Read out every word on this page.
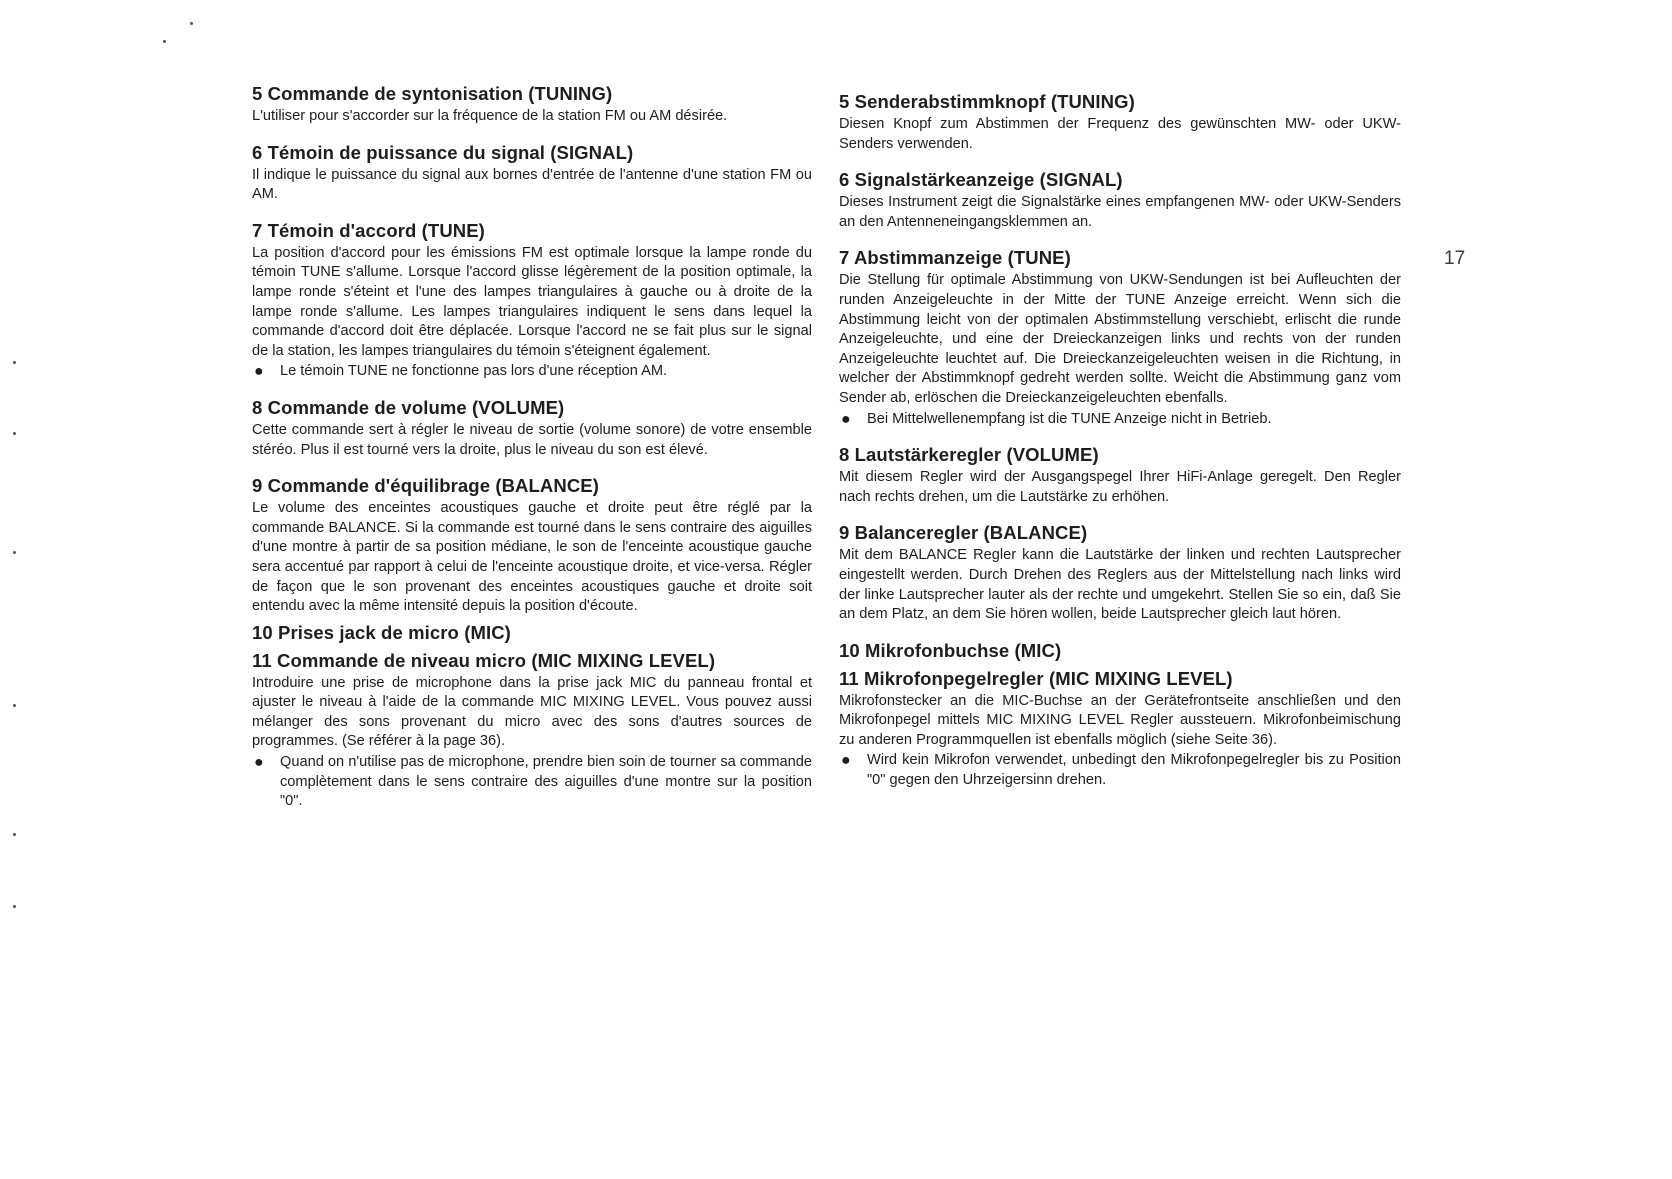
5 Commande de syntonisation (TUNING)

L'utiliser pour s'accorder sur la fréquence de la station FM ou AM désirée.

6 Témoin de puissance du signal (SIGNAL)

Il indique le puissance du signal aux bornes d'entrée de l'antenne d'une station FM ou AM.

7 Témoin d'accord (TUNE)

La position d'accord pour les émissions FM est optimale lorsque la lampe ronde du témoin TUNE s'allume. Lorsque l'accord glisse légèrement de la position optimale, la lampe ronde s'éteint et l'une des lampes triangulaires à gauche ou à droite de la lampe ronde s'allume. Les lampes triangulaires indiquent le sens dans lequel la commande d'accord doit être déplacée. Lorsque l'accord ne se fait plus sur le signal de la station, les lampes triangulaires du témoin s'éteignent également.

●	Le témoin TUNE ne fonctionne pas lors d'une réception AM.
8 Commande de volume (VOLUME)

Cette commande sert à régler le niveau de sortie (volume sonore) de votre ensemble stéréo. Plus il est tourné vers la droite, plus le niveau du son est élevé.

9 Commande d'équilibrage (BALANCE)

Le volume des enceintes acoustiques gauche et droite peut être réglé par la commande BALANCE. Si la commande est tourné dans le sens contraire des aiguilles d'une montre à partir de sa position médiane, le son de l'enceinte acoustique gauche sera accentué par rapport à celui de l'enceinte acoustique droite, et vice-versa. Régler de façon que le son provenant des enceintes acoustiques gauche et droite soit entendu avec la même intensité depuis la position d'écoute.

10 Prises jack de micro (MIC)
11 Commande de niveau micro (MIC MIXING LEVEL)

Introduire une prise de microphone dans la prise jack MIC du panneau frontal et ajuster le niveau à l'aide de la commande MIC MIXING LEVEL. Vous pouvez aussi mélanger des sons provenant du micro avec des sons d'autres sources de programmes. (Se référer à la page 36).

●	Quand on n'utilise pas de microphone, prendre bien soin de tourner sa commande complètement dans le sens contraire des aiguilles d'une montre sur la position "0".
5 Senderabstimmknopf (TUNING)

Diesen Knopf zum Abstimmen der Frequenz des gewünschten MW- oder UKW-Senders verwenden.

6 Signalstärkeanzeige (SIGNAL)

Dieses Instrument zeigt die Signalstärke eines empfangenen MW- oder UKW-Senders an den Antenneneingangsklemmen an.

7 Abstimmanzeige (TUNE)

Die Stellung für optimale Abstimmung von UKW-Sendungen ist bei Aufleuchten der runden Anzeigeleuchte in der Mitte der TUNE Anzeige erreicht. Wenn sich die Abstimmung leicht von der optimalen Abstimmstellung verschiebt, erlischt die runde Anzeigeleuchte, und eine der Dreieckanzeigen links und rechts von der runden Anzeigeleuchte leuchtet auf. Die Dreieckanzeigeleuchten weisen in die Richtung, in welcher der Abstimmknopf gedreht werden sollte. Weicht die Abstimmung ganz vom Sender ab, erlöschen die Dreieckanzeigeleuchten ebenfalls.

●	Bei Mittelwellenempfang ist die TUNE Anzeige nicht in Betrieb.
8 Lautstärkeregler (VOLUME)

Mit diesem Regler wird der Ausgangspegel Ihrer HiFi-Anlage geregelt. Den Regler nach rechts drehen, um die Lautstärke zu erhöhen.

9 Balanceregler (BALANCE)

Mit dem BALANCE Regler kann die Lautstärke der linken und rechten Lautsprecher eingestellt werden. Durch Drehen des Reglers aus der Mittelstellung nach links wird der linke Lautsprecher lauter als der rechte und umgekehrt. Stellen Sie so ein, daß Sie an dem Platz, an dem Sie hören wollen, beide Lautsprecher gleich laut hören.

10 Mikrofonbuchse (MIC)
11 Mikrofonpegelregler (MIC MIXING LEVEL)

Mikrofonstecker an die MIC-Buchse an der Gerätefrontseite anschließen und den Mikrofonpegel mittels MIC MIXING LEVEL Regler aussteuern. Mikrofonbeimischung zu anderen Programmquellen ist ebenfalls möglich (siehe Seite 36).

●	Wird kein Mikrofon verwendet, unbedingt den Mikrofonpegelregler bis zu Position "0" gegen den Uhrzeigersinn drehen.
17
